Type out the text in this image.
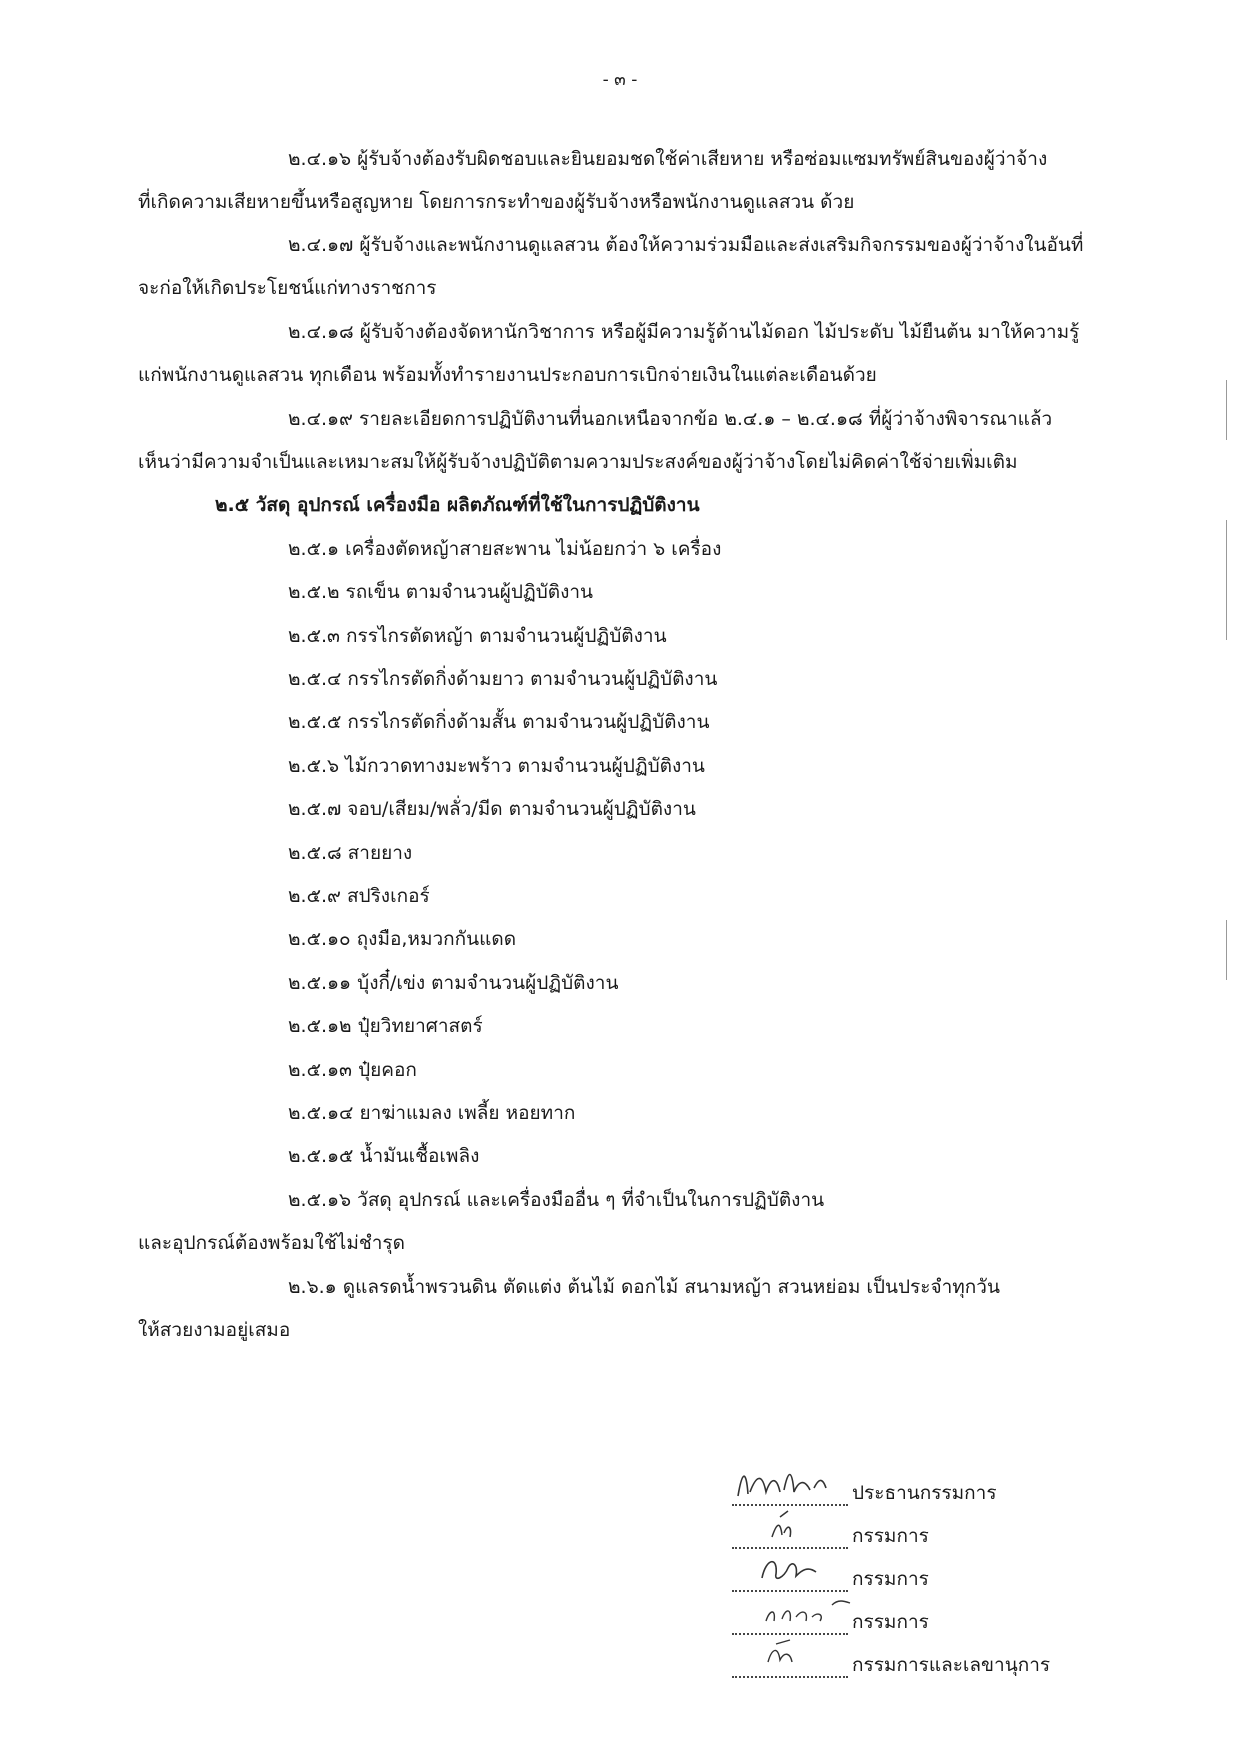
- ๓ -
๒.๔.๑๖ ผู้รับจ้างต้องรับผิดชอบและยินยอมชดใช้ค่าเสียหาย หรือซ่อมแซมทรัพย์สินของผู้ว่าจ้าง
ที่เกิดความเสียหายขึ้นหรือสูญหาย โดยการกระทำของผู้รับจ้างหรือพนักงานดูแลสวน ด้วย
๒.๔.๑๗ ผู้รับจ้างและพนักงานดูแลสวน ต้องให้ความร่วมมือและส่งเสริมกิจกรรมของผู้ว่าจ้างในอันที่
จะก่อให้เกิดประโยชน์แก่ทางราชการ
๒.๔.๑๘ ผู้รับจ้างต้องจัดหานักวิชาการ หรือผู้มีความรู้ด้านไม้ดอก ไม้ประดับ ไม้ยืนต้น มาให้ความรู้
แก่พนักงานดูแลสวน ทุกเดือน พร้อมทั้งทำรายงานประกอบการเบิกจ่ายเงินในแต่ละเดือนด้วย
๒.๔.๑๙ รายละเอียดการปฏิบัติงานที่นอกเหนือจากข้อ ๒.๔.๑ – ๒.๔.๑๘ ที่ผู้ว่าจ้างพิจารณาแล้ว
เห็นว่ามีความจำเป็นและเหมาะสมให้ผู้รับจ้างปฏิบัติตามความประสงค์ของผู้ว่าจ้างโดยไม่คิดค่าใช้จ่ายเพิ่มเติม
๒.๕ วัสดุ อุปกรณ์ เครื่องมือ ผลิตภัณฑ์ที่ใช้ในการปฏิบัติงาน
๒.๕.๑ เครื่องตัดหญ้าสายสะพาน ไม่น้อยกว่า ๖ เครื่อง
๒.๕.๒ รถเข็น ตามจำนวนผู้ปฏิบัติงาน
๒.๕.๓ กรรไกรตัดหญ้า ตามจำนวนผู้ปฏิบัติงาน
๒.๕.๔ กรรไกรตัดกิ่งด้ามยาว ตามจำนวนผู้ปฏิบัติงาน
๒.๕.๕ กรรไกรตัดกิ่งด้ามสั้น ตามจำนวนผู้ปฏิบัติงาน
๒.๕.๖ ไม้กวาดทางมะพร้าว ตามจำนวนผู้ปฏิบัติงาน
๒.๕.๗ จอบ/เสียม/พลั่ว/มีด ตามจำนวนผู้ปฏิบัติงาน
๒.๕.๘ สายยาง
๒.๕.๙ สปริงเกอร์
๒.๕.๑๐ ถุงมือ,หมวกกันแดด
๒.๕.๑๑ บุ้งกี๋/เข่ง ตามจำนวนผู้ปฏิบัติงาน
๒.๕.๑๒ ปุ๋ยวิทยาศาสตร์
๒.๕.๑๓ ปุ๋ยคอก
๒.๕.๑๔ ยาฆ่าแมลง เพลี้ย หอยทาก
๒.๕.๑๕ น้ำมันเชื้อเพลิง
๒.๕.๑๖ วัสดุ อุปกรณ์ และเครื่องมืออื่น ๆ ที่จำเป็นในการปฏิบัติงาน
และอุปกรณ์ต้องพร้อมใช้ไม่ชำรุด
๒.๖.๑ ดูแลรดน้ำพรวนดิน ตัดแต่ง ต้นไม้ ดอกไม้ สนามหญ้า สวนหย่อม เป็นประจำทุกวัน
ให้สวยงามอยู่เสมอ
ประธานกรรมการ
กรรมการ
กรรมการ
กรรมการ
กรรมการและเลขานุการ
